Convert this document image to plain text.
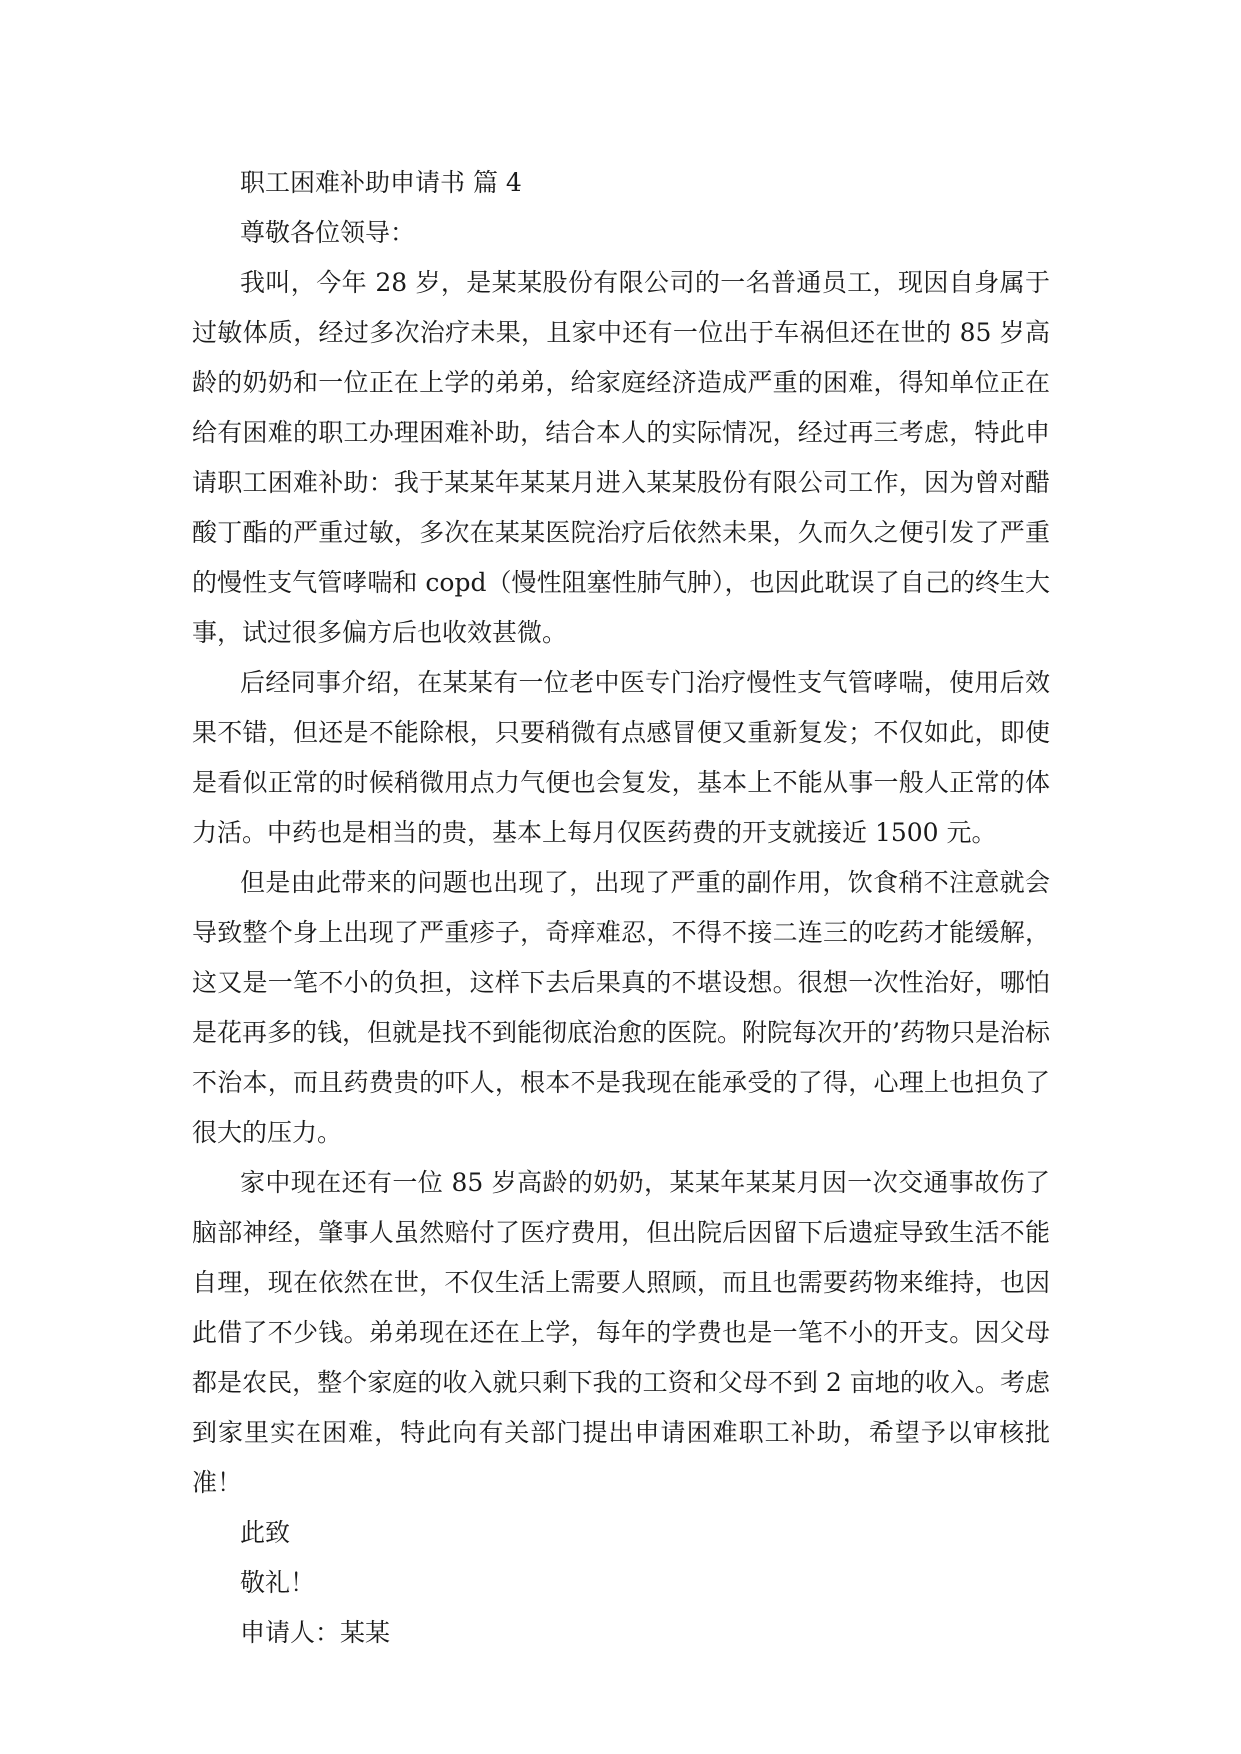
职工困难补助申请书 篇 4

尊敬各位领导：

我叫，今年 28 岁，是某某股份有限公司的一名普通员工，现因自身属于过敏体质，经过多次治疗未果，且家中还有一位出于车祸但还在世的 85 岁高龄的奶奶和一位正在上学的弟弟，给家庭经济造成严重的困难，得知单位正在给有困难的职工办理困难补助，结合本人的实际情况，经过再三考虑，特此申请职工困难补助：我于某某年某某月进入某某股份有限公司工作，因为曾对醋酸丁酯的严重过敏，多次在某某医院治疗后依然未果，久而久之便引发了严重的慢性支气管哮喘和 copd（慢性阻塞性肺气肿），也因此耽误了自己的终生大事，试过很多偏方后也收效甚微。

后经同事介绍，在某某有一位老中医专门治疗慢性支气管哮喘，使用后效果不错，但还是不能除根，只要稍微有点感冒便又重新复发；不仅如此，即使是看似正常的时候稍微用点力气便也会复发，基本上不能从事一般人正常的体力活。中药也是相当的贵，基本上每月仅医药费的开支就接近 1500 元。

但是由此带来的问题也出现了，出现了严重的副作用，饮食稍不注意就会导致整个身上出现了严重疹子，奇痒难忍，不得不接二连三的吃药才能缓解，这又是一笔不小的负担，这样下去后果真的不堪设想。很想一次性治好，哪怕是花再多的钱，但就是找不到能彻底治愈的医院。附院每次开的’药物只是治标不治本，而且药费贵的吓人，根本不是我现在能承受的了得，心理上也担负了很大的压力。

家中现在还有一位 85 岁高龄的奶奶，某某年某某月因一次交通事故伤了脑部神经，肇事人虽然赔付了医疗费用，但出院后因留下后遗症导致生活不能自理，现在依然在世，不仅生活上需要人照顾，而且也需要药物来维持，也因此借了不少钱。弟弟现在还在上学，每年的学费也是一笔不小的开支。因父母都是农民，整个家庭的收入就只剩下我的工资和父母不到 2 亩地的收入。考虑到家里实在困难，特此向有关部门提出申请困难职工补助，希望予以审核批准！

此致

敬礼！

申请人：某某
